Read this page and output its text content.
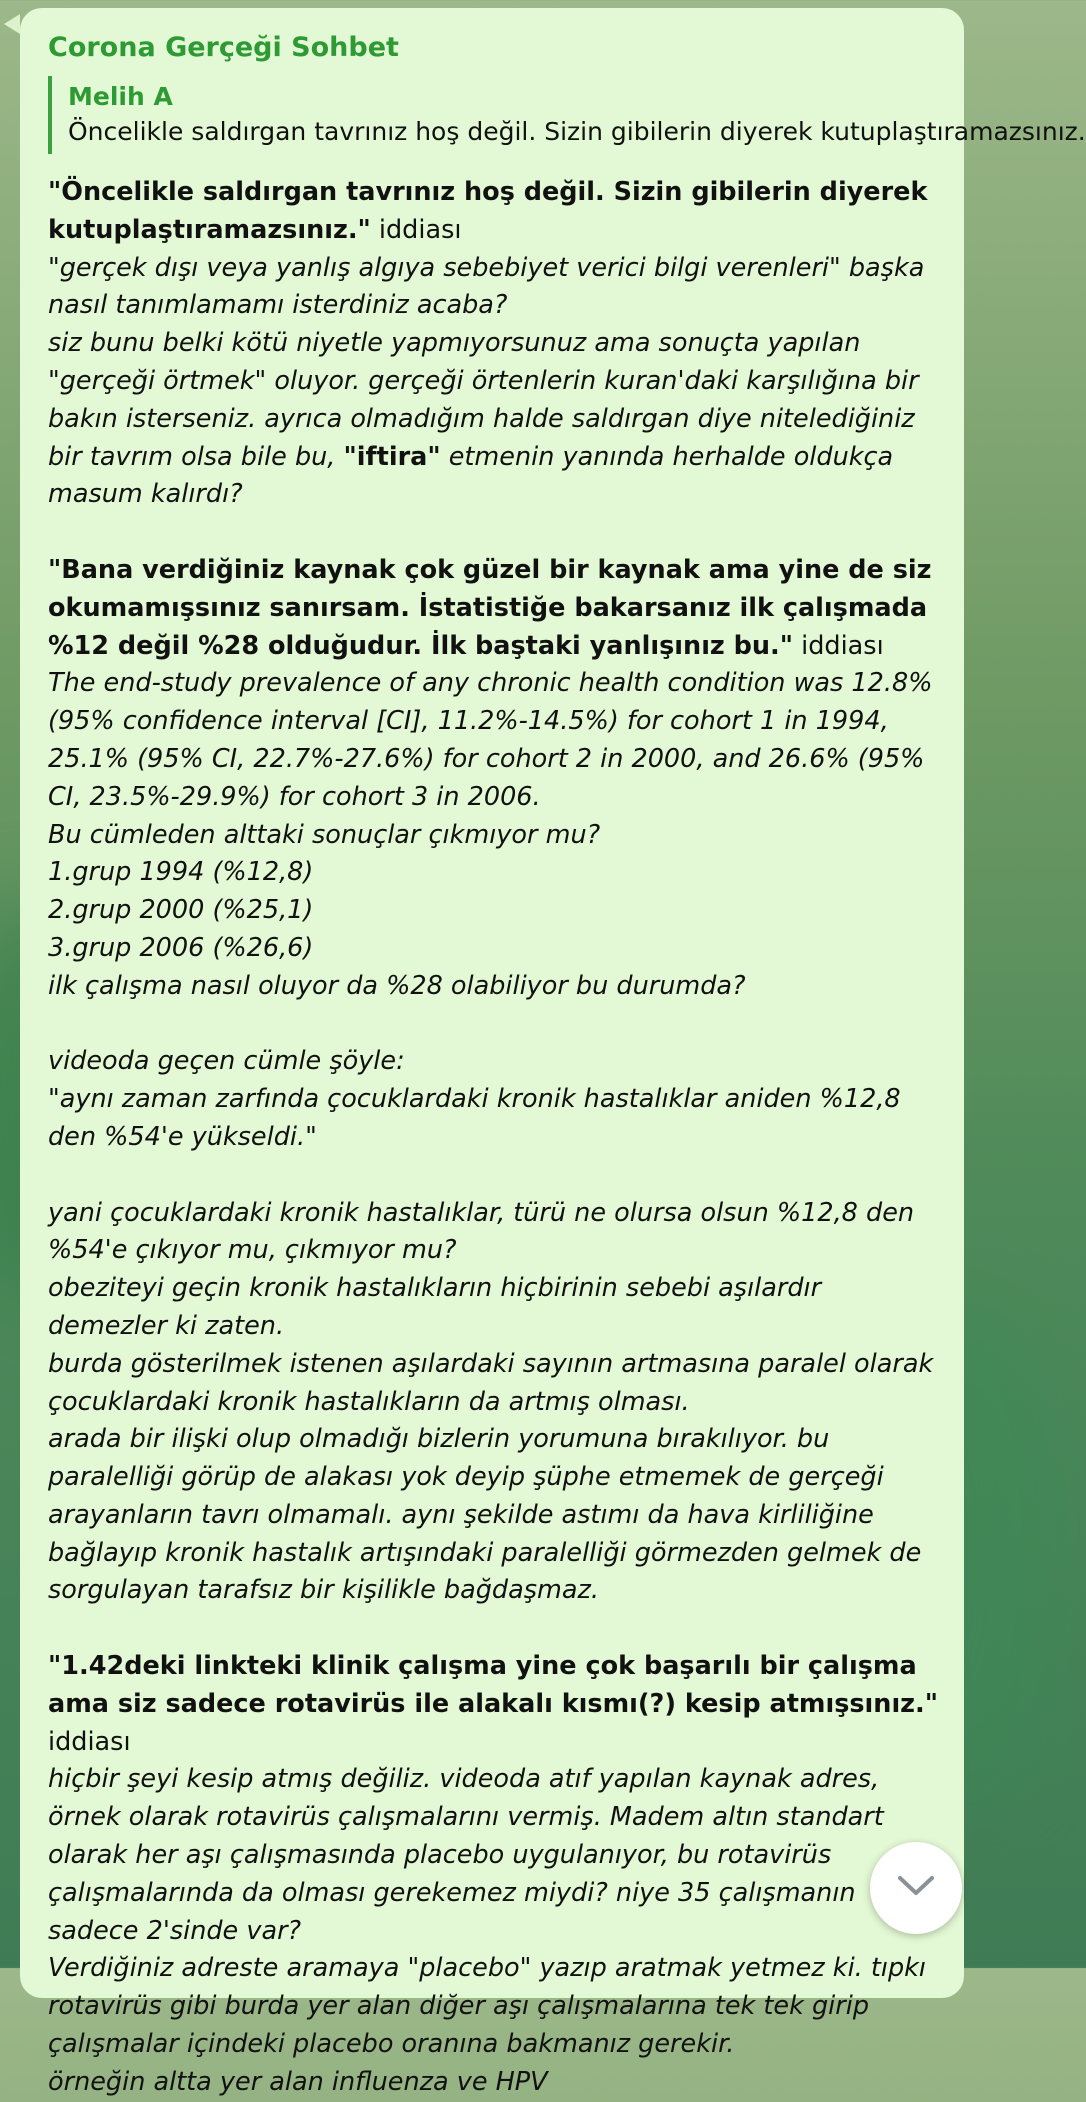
Corona Gerçeği Sohbet
Melih A
Öncelikle saldırgan tavrınız hoş değil. Sizin gibilerin diyerek kutuplaştıramazsınız.

"Öncelikle saldırgan tavrınız hoş değil. Sizin gibilerin diyerek kutuplaştıramazsınız." iddiası

"gerçek dışı veya yanlış algıya sebebiyet verici bilgi verenleri" başka nasıl tanımlamamı isterdiniz acaba?

siz bunu belki kötü niyetle yapmıyorsunuz ama sonuçta yapılan "gerçeği örtmek" oluyor. gerçeği örtenlerin kuran'daki karşılığına bir bakın isterseniz. ayrıca olmadığım halde saldırgan diye nitelediğiniz bir tavrım olsa bile bu, "iftira" etmenin yanında herhalde oldukça masum kalırdı?

"Bana verdiğiniz kaynak çok güzel bir kaynak ama yine de siz okumamışsınız sanırsam. İstatistiğe bakarsanız ilk çalışmada %12 değil %28 olduğudur. İlk baştaki yanlışınız bu." iddiası

The end-study prevalence of any chronic health condition was 12.8% (95% confidence interval [CI], 11.2%-14.5%) for cohort 1 in 1994, 25.1% (95% CI, 22.7%-27.6%) for cohort 2 in 2000, and 26.6% (95% CI, 23.5%-29.9%) for cohort 3 in 2006.

Bu cümleden alttaki sonuçlar çıkmıyor mu?

1.grup 1994 (%12,8)

2.grup 2000 (%25,1)

3.grup 2006 (%26,6)

ilk çalışma nasıl oluyor da %28 olabiliyor bu durumda?

videoda geçen cümle şöyle:

"aynı zaman zarfında çocuklardaki kronik hastalıklar aniden %12,8 den %54'e yükseldi."

yani çocuklardaki kronik hastalıklar, türü ne olursa olsun %12,8 den %54'e çıkıyor mu, çıkmıyor mu?

obeziteyi geçin kronik hastalıkların hiçbirinin sebebi aşılardır demezler ki zaten.

burda gösterilmek istenen aşılardaki sayının artmasına paralel olarak çocuklardaki kronik hastalıkların da artmış olması.

arada bir ilişki olup olmadığı bizlerin yorumuna bırakılıyor. bu paralelliği görüp de alakası yok deyip şüphe etmemek de gerçeği arayanların tavrı olmamalı. aynı şekilde astımı da hava kirliliğine bağlayıp kronik hastalık artışındaki paralelliği görmezden gelmek de sorgulayan tarafsız bir kişilikle bağdaşmaz.

"1.42deki linkteki klinik çalışma yine çok başarılı bir çalışma ama siz sadece rotavirüs ile alakalı kısmı(?) kesip atmışsınız." iddiası

hiçbir şeyi kesip atmış değiliz. videoda atıf yapılan kaynak adres, örnek olarak rotavirüs çalışmalarını vermiş. Madem altın standart olarak her aşı çalışmasında placebo uygulanıyor, bu rotavirüs çalışmalarında da olması gerekemez miydi? niye 35 çalışmanın sadece 2'sinde var?

Verdiğiniz adreste aramaya "placebo" yazıp aratmak yetmez ki. tıpkı rotavirüs gibi burda yer alan diğer aşı çalışmalarına tek tek girip çalışmalar içindeki placebo oranına bakmanız gerekir.

örneğin altta yer alan influenza ve HPV
